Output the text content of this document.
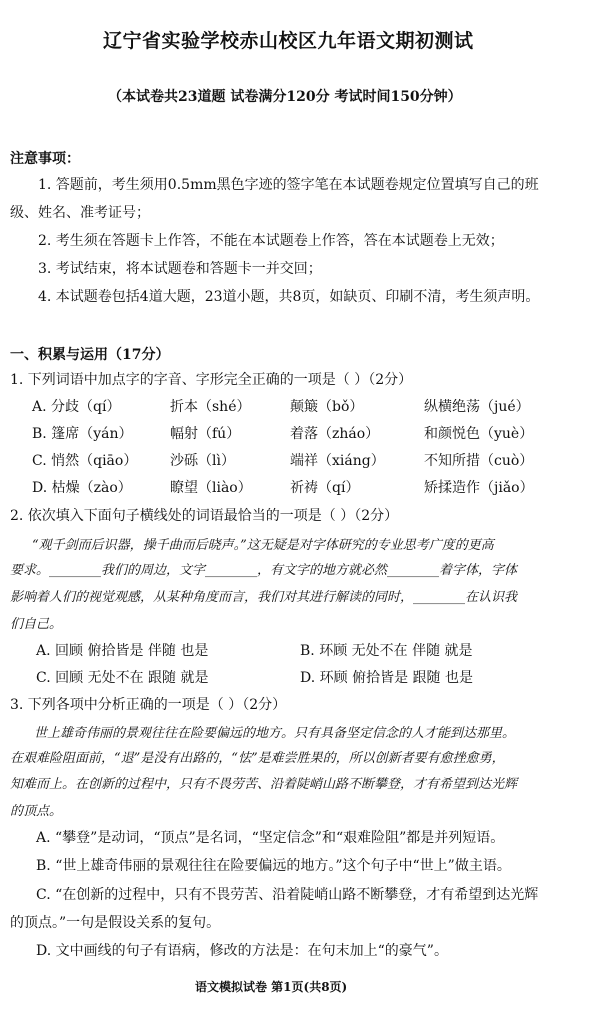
辽宁省实验学校赤山校区九年语文期初测试
（本试卷共23道题 试卷满分120分 考试时间150分钟）
注意事项：
1. 答题前，考生须用0.5mm黑色字迹的签字笔在本试题卷规定位置填写自己的班
级、姓名、准考证号；
2. 考生须在答题卡上作答，不能在本试题卷上作答，答在本试题卷上无效；
3. 考试结束，将本试题卷和答题卡一并交回；
4. 本试题卷包括4道大题，23道小题，共8页，如缺页、印刷不清，考生须声明。
一、积累与运用（17分）
1. 下列词语中加点字的字音、字形完全正确的一项是（ ）（2分）
A. 分歧（qí）	折本（shé）	颠簸（bǒ）	纵横绝荡（jué）
B. 篷席（yán）	幅射（fú）	着落（zháo）	和颜悦色（yuè）
C. 悄然（qiāo） 沙砾（lì）	端祥（xiáng）	不知所措（cuò）
D. 枯燥（zào）	瞭望（liào）	祈祷（qí）	矫揉造作（jiǎo）
2. 依次填入下面句子横线处的词语最恰当的一项是（ ）（2分）
“观千剑而后识器，操千曲而后晓声。”这无疑是对字体研究的专业思考广度的更高
要求。________我们的周边，文字________，有文字的地方就必然________着字体，字体
影响着人们的视觉观感，从某种角度而言，我们对其进行解读的同时，________在认识我
们自己。
A. 回顾 俯拾皆是 伴随 也是	B. 环顾 无处不在 伴随 就是
C. 回顾 无处不在 跟随 就是	D. 环顾 俯拾皆是 跟随 也是
3. 下列各项中分析正确的一项是（ ）（2分）
世上雄奇伟丽的景观往往在险要偏远的地方。只有具备坚定信念的人才能到达那里。
在艰难险阻面前，“退”是没有出路的，“怯”是难尝胜果的，所以创新者要有愈挫愈勇，
知难而上。在创新的过程中，只有不畏劳苦、沿着陡峭山路不断攀登，才有希望到达光辉
的顶点。
A. “攀登”是动词，“顶点”是名词，“坚定信念”和“艰难险阻”都是并列短语。
B. “世上雄奇伟丽的景观往往在险要偏远的地方。”这个句子中“世上”做主语。
C. “在创新的过程中，只有不畏劳苦、沿着陡峭山路不断攀登，才有希望到达光辉
的顶点。”一句是假设关系的复句。
D. 文中画线的句子有语病，修改的方法是：在句末加上“的豪气”。
语文模拟试卷 第1页(共8页)
